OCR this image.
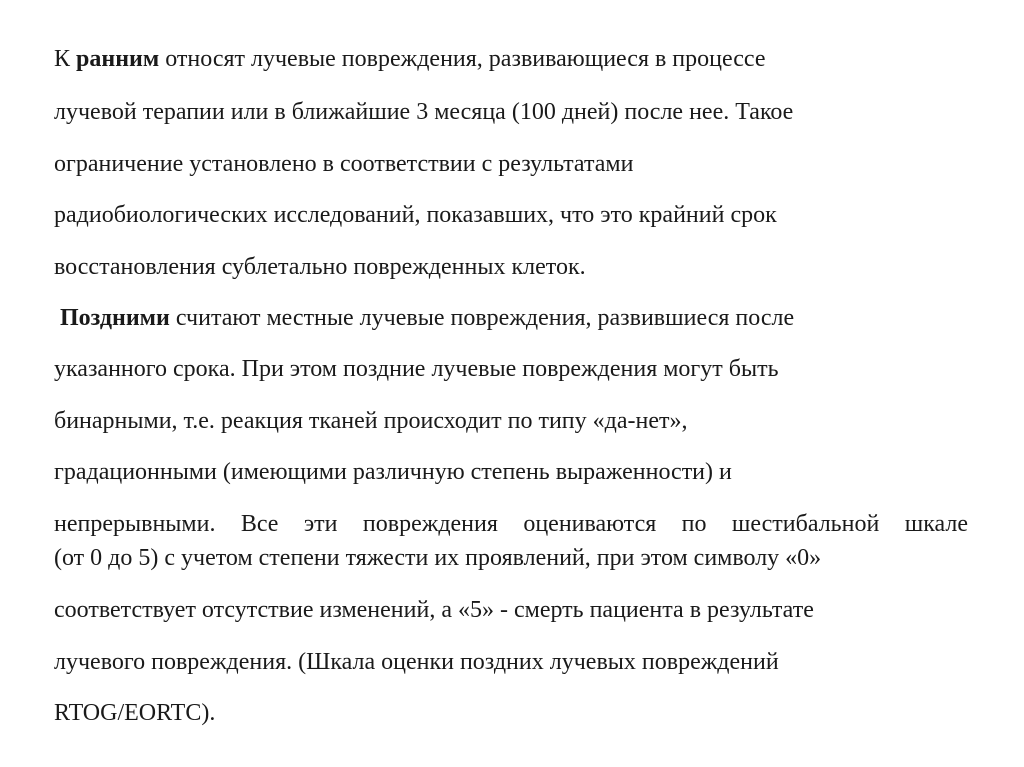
К ранним относят лучевые повреждения, развивающиеся в процессе

лучевой терапии или в ближайшие 3 месяца (100 дней) после нее. Такое

ограничение установлено в соответствии с результатами

радиобиологических исследований, показавших, что это крайний срок

восстановления сублетально поврежденных клеток.

Поздними считают местные лучевые повреждения, развившиеся после

указанного срока. При этом поздние лучевые повреждения могут быть

бинарными, т.е. реакция тканей происходит по типу «да-нет»,

градационными (имеющими различную степень выраженности) и

непрерывными. Все эти повреждения оцениваются по шестибальной шкале

(от 0 до 5) с учетом степени тяжести их проявлений, при этом символу «0»

соответствует отсутствие изменений, а «5» - смерть пациента в результате

лучевого повреждения. (Шкала оценки поздних лучевых повреждений

RTOG/EORTC).
